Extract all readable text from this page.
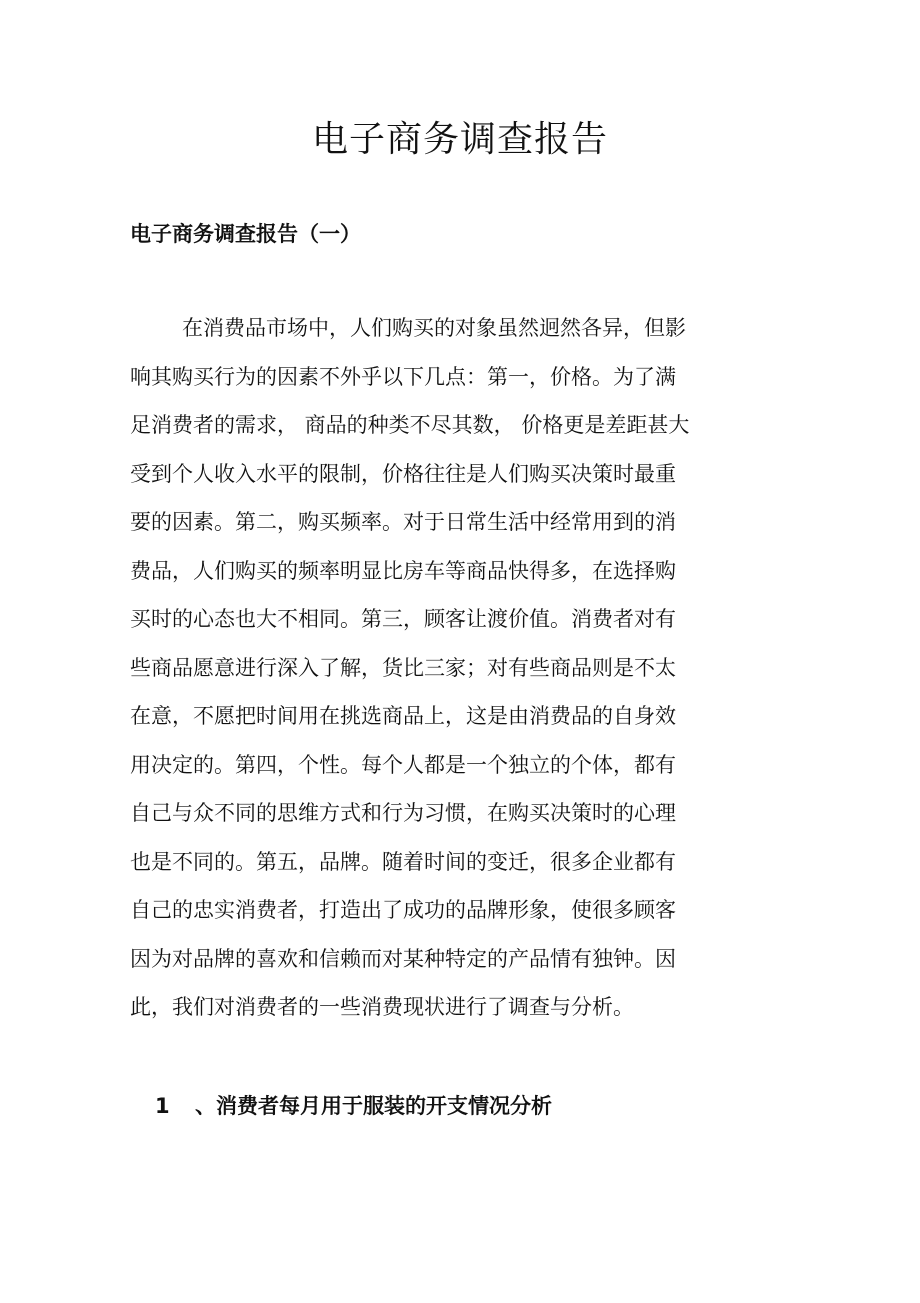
电子商务调查报告
电子商务调查报告（一）
在消费品市场中，人们购买的对象虽然迥然各异，但影
响其购买行为的因素不外乎以下几点：第一，价格。为了满
足消费者的需求， 商品的种类不尽其数， 价格更是差距甚大
受到个人收入水平的限制，价格往往是人们购买决策时最重
要的因素。第二，购买频率。对于日常生活中经常用到的消
费品，人们购买的频率明显比房车等商品快得多，在选择购
买时的心态也大不相同。第三，顾客让渡价值。消费者对有
些商品愿意进行深入了解，货比三家；对有些商品则是不太
在意，不愿把时间用在挑选商品上，这是由消费品的自身效
用决定的。第四，个性。每个人都是一个独立的个体，都有
自己与众不同的思维方式和行为习惯，在购买决策时的心理
也是不同的。第五，品牌。随着时间的变迁，很多企业都有
自己的忠实消费者，打造出了成功的品牌形象，使很多顾客
因为对品牌的喜欢和信赖而对某种特定的产品情有独钟。因
此，我们对消费者的一些消费现状进行了调查与分析。
1 、消费者每月用于服装的开支情况分析
